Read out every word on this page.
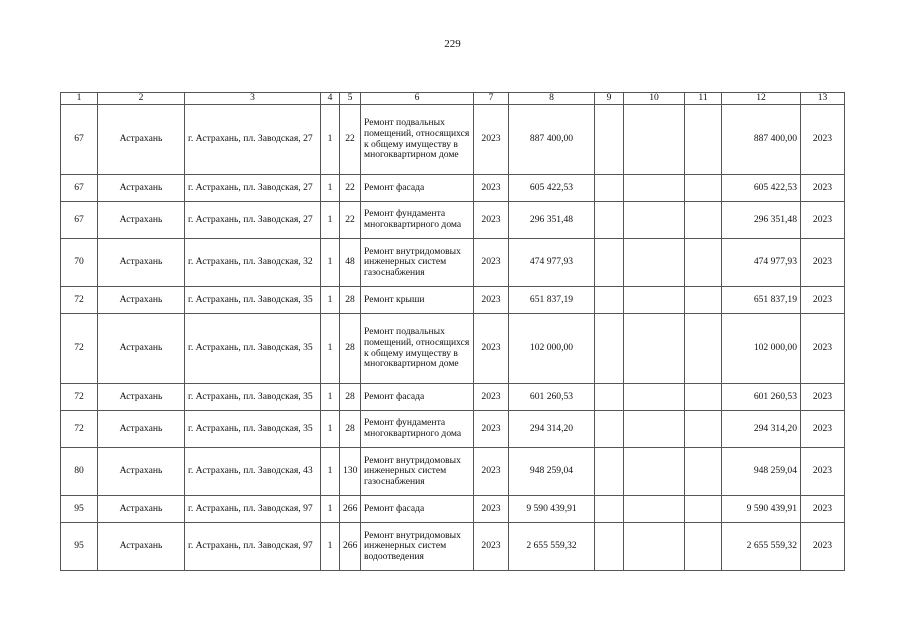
229
1	2	3	4	5	6	7	8	9	10	11	12	13
67	Астрахань	г. Астрахань, пл. Заводская, 27	1	22	Ремонт подвальных помещений, относящихся к общему имуществу в многоквартирном доме	2023	887 400,00				887 400,00	2023
67	Астрахань	г. Астрахань, пл. Заводская, 27	1	22	Ремонт фасада	2023	605 422,53				605 422,53	2023
67	Астрахань	г. Астрахань, пл. Заводская, 27	1	22	Ремонт фундамента многоквартирного дома	2023	296 351,48				296 351,48	2023
70	Астрахань	г. Астрахань, пл. Заводская, 32	1	48	Ремонт внутридомовых инженерных систем газоснабжения	2023	474 977,93				474 977,93	2023
72	Астрахань	г. Астрахань, пл. Заводская, 35	1	28	Ремонт крыши	2023	651 837,19				651 837,19	2023
72	Астрахань	г. Астрахань, пл. Заводская, 35	1	28	Ремонт подвальных помещений, относящихся к общему имуществу в многоквартирном доме	2023	102 000,00				102 000,00	2023
72	Астрахань	г. Астрахань, пл. Заводская, 35	1	28	Ремонт фасада	2023	601 260,53				601 260,53	2023
72	Астрахань	г. Астрахань, пл. Заводская, 35	1	28	Ремонт фундамента многоквартирного дома	2023	294 314,20				294 314,20	2023
80	Астрахань	г. Астрахань, пл. Заводская, 43	1	130	Ремонт внутридомовых инженерных систем газоснабжения	2023	948 259,04				948 259,04	2023
95	Астрахань	г. Астрахань, пл. Заводская, 97	1	266	Ремонт фасада	2023	9 590 439,91				9 590 439,91	2023
95	Астрахань	г. Астрахань, пл. Заводская, 97	1	266	Ремонт внутридомовых инженерных систем водоотведения	2023	2 655 559,32				2 655 559,32	2023
